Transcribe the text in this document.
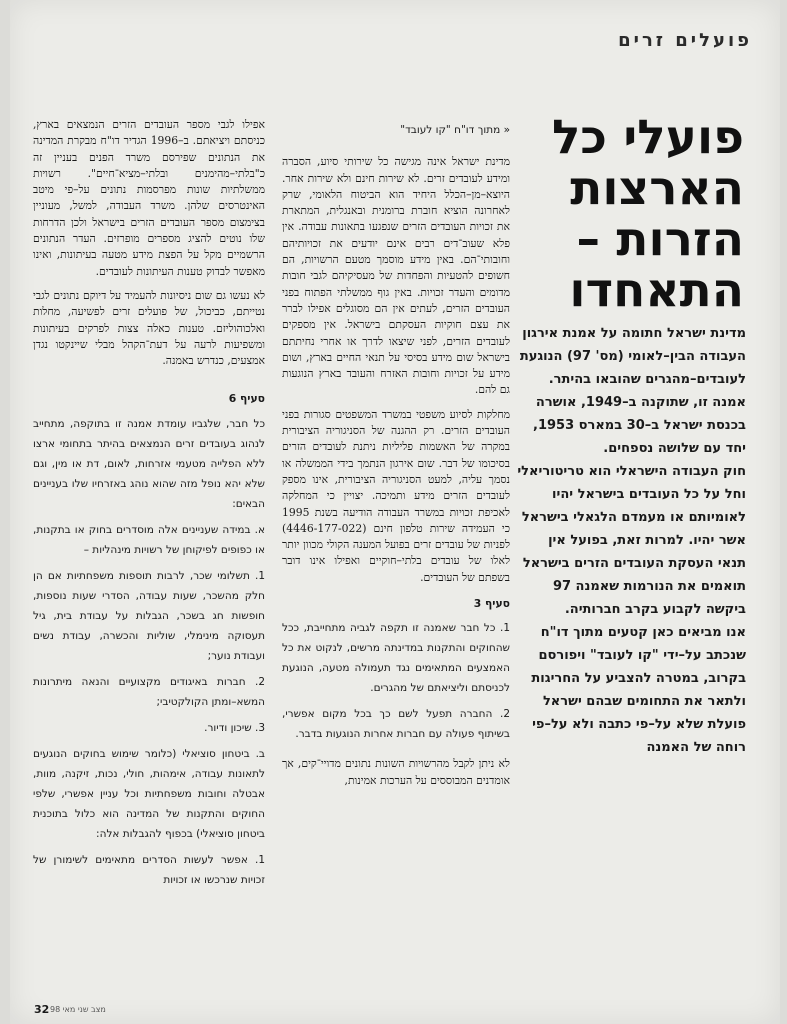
פועלים זרים
פועלי כל הארצות הזרות – התאחדו

מדינת ישראל חתומה על אמנת אירגון העבודה הבין–לאומי (מס' 97) הנוגעת לעובדים–מהגרים שהובאו בהיתר. אמנה זו, שתוקנה ב–1949, אושרה בכנסת ישראל ב–30 במארס 1953, יחד עם שלושה נספחים.

חוק העבודה הישראלי הוא טריטוריאלי וחל על כל העובדים בישראל יהיו לאומיותם או מעמדם הלגאלי בישראל אשר יהיו. למרות זאת, בפועל אין תנאי העסקת העובדים הזרים בישראל תואמים את הנורמות שאמנה 97 ביקשה לקבוע בקרב חברותיה.

אנו מביאים כאן קטעים מתוך דו"ח שנכתב על–ידי "קו לעובד" ויפורסם בקרוב, במטרה להצביע על החריגות ולתאר את התחומים שבהם ישראל פועלת שלא על–פי כתבה ולא על–פי רוחה של האמנה

« מתוך דו"ח "קו לעובד"

מדינת ישראל אינה מגישה כל שירותי סיוע, הסברה ומידע לעובדים זרים. לא שירות חינם ולא שירות אחר. היוצא–מן–הכלל היחיד הוא הביטוח הלאומי, שרק לאחרונה הוציא חוברת ברומנית ובאנגלית, המתארת את זכויות העובדים הזרים שנפגעו בתאונות עבודה. אין פלא שעוב־דים רבים אינם יודעים את זכויותיהם וחובותי־הם. באין מידע מוסמך מטעם הרשויות, הם חשופים להטעיות והפחדות של מעסיקיהם לגבי חובות מדומים והעדר זכויות. באין גוף ממשלתי הפתוח בפני העובדים הזרים, לעתים אין הם מסוגלים אפילו לברר את עצם חוקיות העסקתם בישראל. אין מספקים לעובדים הזרים, לפני שיצאו לדרך או אחרי נחיתתם בישראל שום מידע בסיסי על תנאי החיים בארץ, ושום מידע על זכויות וחובות האזרח והעובד בארץ הנוגעות גם להם.

מחלקות לסיוע משפטי במשרד המשפטים סגורות בפני העובדים הזרים. רק ההגנה של הסניגוריה הציבורית במקרה של האשמות פליליות ניתנת לעובדים הזרים בסיכומו של דבר. שום אירגון הנתמך בידי הממשלה או נסמך עליה, למעט הסניגוריה הציבורית, אינו מספק לעובדים הזרים מידע ותמיכה. יצויין כי המחלקה לאכיפת זכויות במשרד העבודה הודיעה בשנת 1995 כי העמידה שירות טלפון חינם (4446-177-022) לפניות של עובדים זרים בפועל המענה הקולי מכוון יותר לאלו של עובדים בלתי–חוקיים ואפילו אינו דובר בשפתם של העובדים.

סעיף 3

1. כל חבר שאמנה זו תקפה לגביה מתחייבת, ככל שהחוקים והתקנות במדינתה מרשים, לנקוט את כל האמצעים המתאימים נגד תעמולה מטעה, הנוגעת לכניסתם וליציאתם של מהגרים.

2. החברה תפעל לשם כך בכל מקום אפשרי, בשיתוף פעולה עם חברות אחרות הנוגעות בדבר.

לא ניתן לקבל מהרשויות השונות נתונים מדויי־קים, אך אומדנים המבוססים על הערכות אמינות,

אפילו לגבי מספר העובדים הזרים הנמצאים בארץ, כניסתם ויציאתם. ב–1996 הגדיר דו"ח מבקרת המדינה את הנתונים שפירסם משרד הפנים בעניין זה כ"בלתי–מהימנים ובלתי–מציא־חיים". רשויות ממשלתיות שונות מפרסמות נתונים על–פי מיטב האינטרסים שלהן. משרד העבודה, למשל, מעוניין בצימצום מספר העובדים הזרים בישראל ולכן הדרחות שלו נוטים להציג מספרים מופרזים. העדר הנתונים הרשמיים מקל על הפצת מידע מטעה בעיתונות, ואינו מאפשר לבדוק טענות העיתונות לעובדים.

לא נעשו גם שום ניסיונות להעמיד על דיוקם נתונים לגבי נטייתם, כביכול, של פועלים זרים לפשיעה, מחלות ואלכוהוליזם. טענות כאלה צצות לפרקים בעיתונות ומשפיעות לרעה על דעת־הקהל מבלי שיינקטו נגדן אמצעים, כנדרש באמנה.

סעיף 6

כל חבר, שלגביו עומדת אמנה זו בתוקפה, מתחייב לנהוג בעובדים זרים הנמצאים בהיתר בתחומי ארצו ללא הפלייה מטעמי אזרחות, לאום, דת או מין, וגם שלא יהא נופל מזה שהוא נוהג באזרחיו שלו בעניינים הבאים:

א. במידה שעניינים אלה מוסדרים בחוק או בתקנות, או כפופים לפיקוחן של רשויות מינהליות –

1. תשלומי שכר, לרבות תוספות משפחתיות אם הן חלק מהשכר, שעות עבודה, הסדרי שעות נוספות, חופשות חג בשכר, הגבלות על עבודת בית, גיל תעסוקה מינימלי, שוליות והכשרה, עבודת נשים ועבודת נוער;

2. חברות באיגודים מקצועיים והנאה מיתרונות המשא–ומתן הקולקטיבי;

3. שיכון ודיור.

ב. ביטחון סוציאלי (כלומר שימוש בחוקים הנוגעים לתאונות עבודה, אימהות, חולי, נכות, זיקנה, מוות, אבטלה וחובות משפחתיות וכל עניין אפשרי, שלפי החוקים והתקנות של המדינה הוא כלול בתוכנית ביטחון סוציאלי) בכפוף להגבלות אלה:

1. אפשר לעשות הסדרים מתאימים לשימורן של זכויות שנרכשו או זכויות

32 מצב שני מאי 98
